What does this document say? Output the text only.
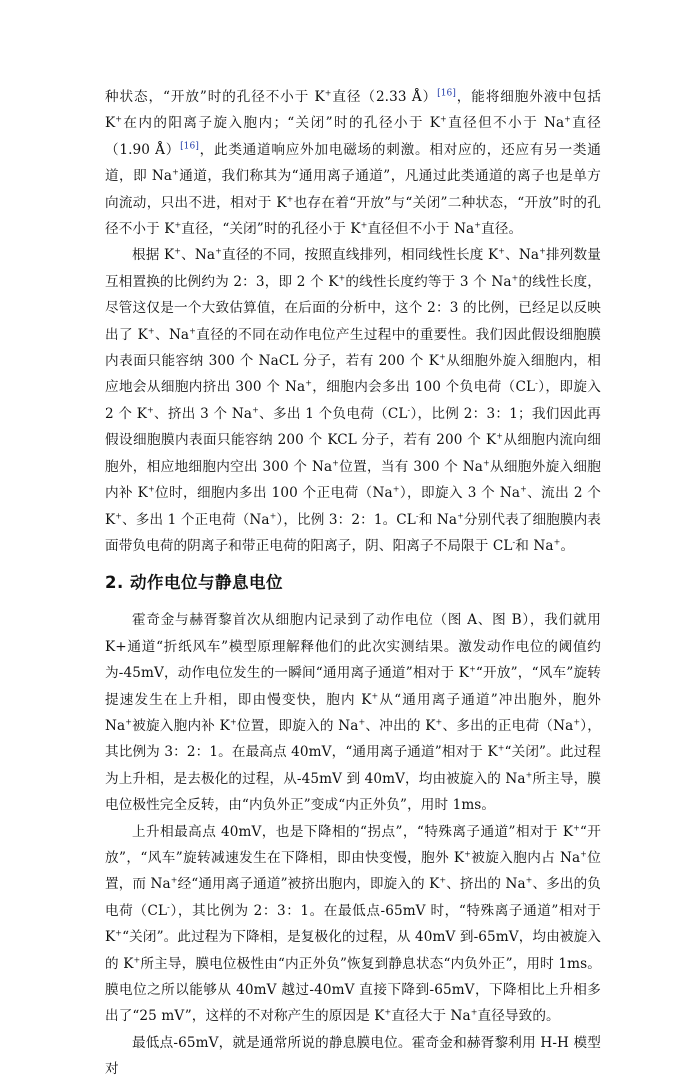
种状态，“开放”时的孔径不小于 K+直径（2.33 Å）[16]，能将细胞外液中包括 K+在内的阳离子旋入胞内；“关闭”时的孔径小于 K+直径但不小于 Na+直径（1.90 Å）[16]，此类通道响应外加电磁场的刺激。相对应的，还应有另一类通道，即 Na+通道，我们称其为“通用离子通道”，凡通过此类通道的离子也是单方向流动，只出不进，相对于 K+也存在着“开放”与“关闭”二种状态，“开放”时的孔径不小于 K+直径，“关闭”时的孔径小于 K+直径但不小于 Na+直径。

根据 K+、Na+直径的不同，按照直线排列，相同线性长度 K+、Na+排列数量互相置换的比例约为 2：3，即 2 个 K+的线性长度约等于 3 个 Na+的线性长度，尽管这仅是一个大致估算值，在后面的分析中，这个 2：3 的比例，已经足以反映出了 K+、Na+直径的不同在动作电位产生过程中的重要性。我们因此假设细胞膜内表面只能容纳 300 个 NaCL 分子，若有 200 个 K+从细胞外旋入细胞内，相应地会从细胞内挤出 300 个 Na+，细胞内会多出 100 个负电荷（CL-），即旋入 2 个 K+、挤出 3 个 Na+、多出 1 个负电荷（CL-），比例 2：3：1；我们因此再假设细胞膜内表面只能容纳 200 个 KCL 分子，若有 200 个 K+从细胞内流向细胞外，相应地细胞内空出 300 个 Na+位置，当有 300 个 Na+从细胞外旋入细胞内补 K+位时，细胞内多出 100 个正电荷（Na+），即旋入 3 个 Na+、流出 2 个 K+、多出 1 个正电荷（Na+），比例 3：2：1。CL-和 Na+分别代表了细胞膜内表面带负电荷的阴离子和带正电荷的阳离子，阴、阳离子不局限于 CL-和 Na+。

2. 动作电位与静息电位

霍奇金与赫胥黎首次从细胞内记录到了动作电位（图 A、图 B），我们就用 K+通道“折纸风车”模型原理解释他们的此次实测结果。激发动作电位的阈值约为-45mV，动作电位发生的一瞬间“通用离子通道”相对于 K+“开放”，“风车”旋转提速发生在上升相，即由慢变快，胞内 K+从“通用离子通道”冲出胞外，胞外 Na+被旋入胞内补 K+位置，即旋入的 Na+、冲出的 K+、多出的正电荷（Na+），其比例为 3：2：1。在最高点 40mV，“通用离子通道”相对于 K+“关闭”。此过程为上升相，是去极化的过程，从-45mV 到 40mV，均由被旋入的 Na+所主导，膜电位极性完全反转，由“内负外正”变成“内正外负”，用时 1ms。

上升相最高点 40mV，也是下降相的“拐点”，“特殊离子通道”相对于 K+“开放”，“风车”旋转减速发生在下降相，即由快变慢，胞外 K+被旋入胞内占 Na+位置，而 Na+经“通用离子通道”被挤出胞内，即旋入的 K+、挤出的 Na+、多出的负电荷（CL-），其比例为 2：3：1。在最低点-65mV 时，“特殊离子通道”相对于 K+“关闭”。此过程为下降相，是复极化的过程，从 40mV 到-65mV，均由被旋入的 K+所主导，膜电位极性由“内正外负”恢复到静息状态“内负外正”，用时 1ms。膜电位之所以能够从 40mV 越过-40mV 直接下降到-65mV，下降相比上升相多出了“25 mV”，这样的不对称产生的原因是 K+直径大于 Na+直径导致的。

最低点-65mV，就是通常所说的静息膜电位。霍奇金和赫胥黎利用 H-H 模型对
